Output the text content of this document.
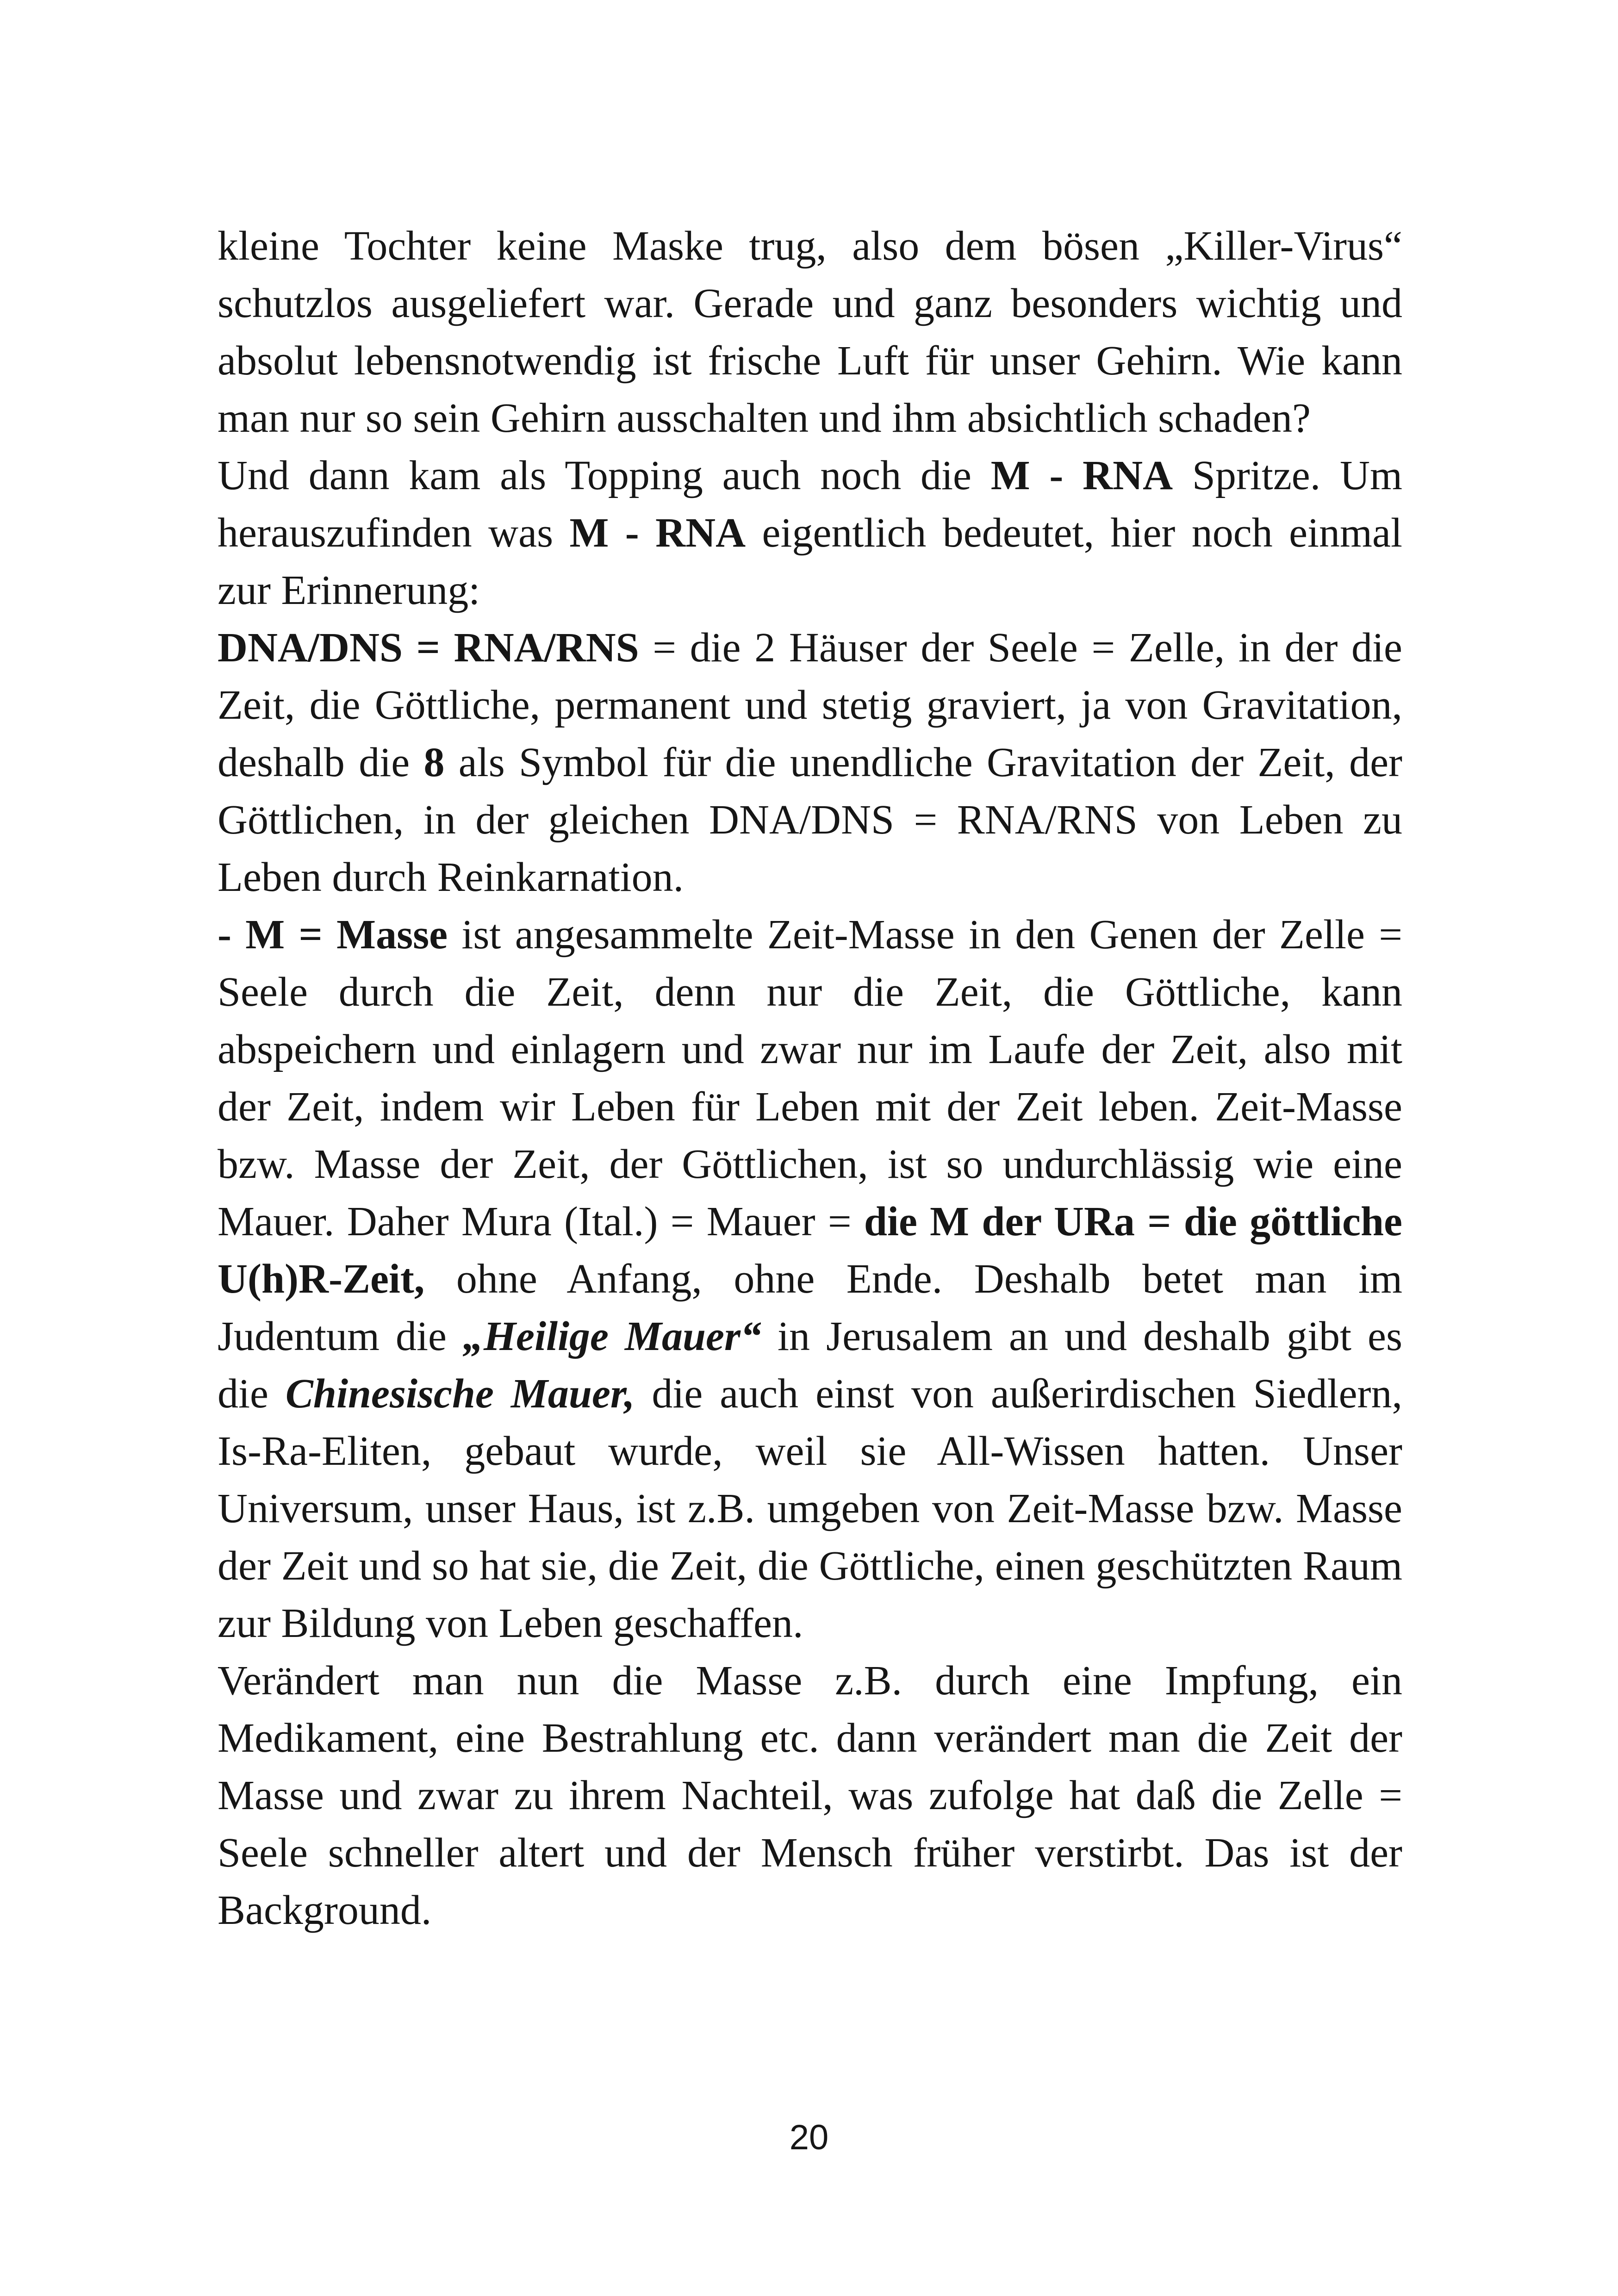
kleine Tochter keine Maske trug, also dem bösen „Killer-Virus“ schutzlos ausgeliefert war. Gerade und ganz besonders wichtig und absolut lebensnotwendig ist frische Luft für unser Gehirn. Wie kann man nur so sein Gehirn ausschalten und ihm absichtlich schaden?

Und dann kam als Topping auch noch die M - RNA Spritze. Um herauszufinden was M - RNA eigentlich bedeutet, hier noch einmal zur Erinnerung:

DNA/DNS = RNA/RNS = die 2 Häuser der Seele = Zelle, in der die Zeit, die Göttliche, permanent und stetig graviert, ja von Gravitation, deshalb die 8 als Symbol für die unendliche Gravitation der Zeit, der Göttlichen, in der gleichen DNA/DNS = RNA/RNS von Leben zu Leben durch Reinkarnation.

- M = Masse ist angesammelte Zeit-Masse in den Genen der Zelle = Seele durch die Zeit, denn nur die Zeit, die Göttliche, kann abspeichern und einlagern und zwar nur im Laufe der Zeit, also mit der Zeit, indem wir Leben für Leben mit der Zeit leben. Zeit-Masse bzw. Masse der Zeit, der Göttlichen, ist so undurchlässig wie eine Mauer. Daher Mura (Ital.) = Mauer = die M der URa = die göttliche U(h)R-Zeit, ohne Anfang, ohne Ende. Deshalb betet man im Judentum die „Heilige Mauer“ in Jerusalem an und deshalb gibt es die Chinesische Mauer, die auch einst von außerirdischen Siedlern, Is-Ra-Eliten, gebaut wurde, weil sie All-Wissen hatten. Unser Universum, unser Haus, ist z.B. umgeben von Zeit-Masse bzw. Masse der Zeit und so hat sie, die Zeit, die Göttliche, einen geschützten Raum zur Bildung von Leben geschaffen.

Verändert man nun die Masse z.B. durch eine Impfung, ein Medikament, eine Bestrahlung etc. dann verändert man die Zeit der Masse und zwar zu ihrem Nachteil, was zufolge hat daß die Zelle = Seele schneller altert und der Mensch früher verstirbt. Das ist der Background.

20
